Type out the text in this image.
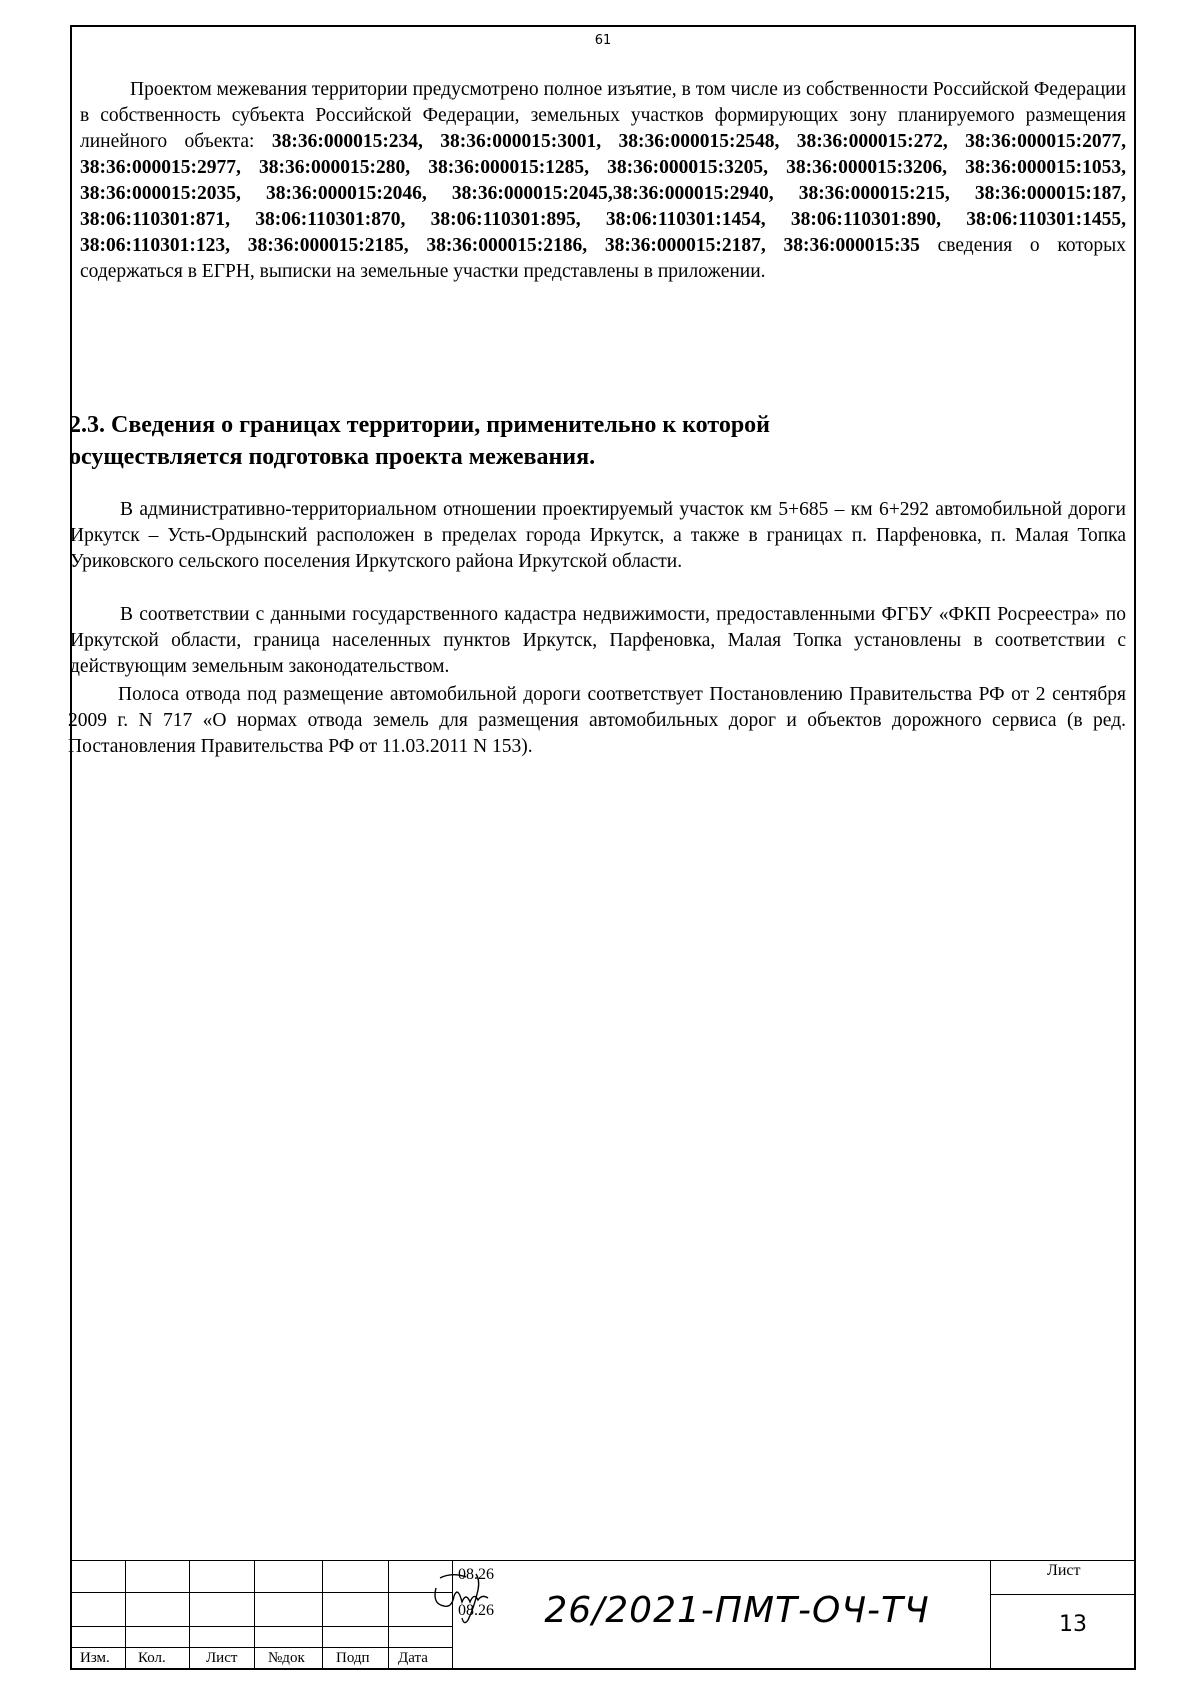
61
Проектом межевания территории предусмотрено полное изъятие, в том числе из собственности Российской Федерации в собственность субъекта Российской Федерации, земельных участков формирующих зону планируемого размещения линейного объекта: 38:36:000015:234, 38:36:000015:3001, 38:36:000015:2548, 38:36:000015:272, 38:36:000015:2077, 38:36:000015:2977, 38:36:000015:280, 38:36:000015:1285, 38:36:000015:3205, 38:36:000015:3206, 38:36:000015:1053, 38:36:000015:2035, 38:36:000015:2046, 38:36:000015:2045,38:36:000015:2940, 38:36:000015:215, 38:36:000015:187, 38:06:110301:871, 38:06:110301:870, 38:06:110301:895, 38:06:110301:1454, 38:06:110301:890, 38:06:110301:1455, 38:06:110301:123, 38:36:000015:2185, 38:36:000015:2186, 38:36:000015:2187, 38:36:000015:35 сведения о которых содержаться в ЕГРН, выписки на земельные участки представлены в приложении.
2.3. Сведения о границах территории, применительно к которой
осуществляется подготовка проекта межевания.
В административно-территориальном отношении проектируемый участок км 5+685 – км 6+292 автомобильной дороги Иркутск – Усть-Ордынский расположен в пределах города Иркутск, а также в границах п. Парфеновка, п. Малая Топка Уриковского сельского поселения Иркутского района Иркутской области.
В соответствии с данными государственного кадастра недвижимости, предоставленными ФГБУ «ФКП Росреестра» по Иркутской области, граница населенных пунктов Иркутск, Парфеновка, Малая Топка установлены в соответствии с действующим земельным законодательством.
Полоса отвода под размещение автомобильной дороги соответствует Постановлению Правительства РФ от 2 сентября 2009 г. N 717 «О нормах отвода земель для размещения автомобильных дорог и объектов дорожного сервиса (в ред. Постановления Правительства РФ от 11.03.2011 N 153).
08.26
08.26
Изм. Кол.	Лист №док Подп Дата
26/2021-ПМТ-ОЧ-ТЧ
Лист
13
